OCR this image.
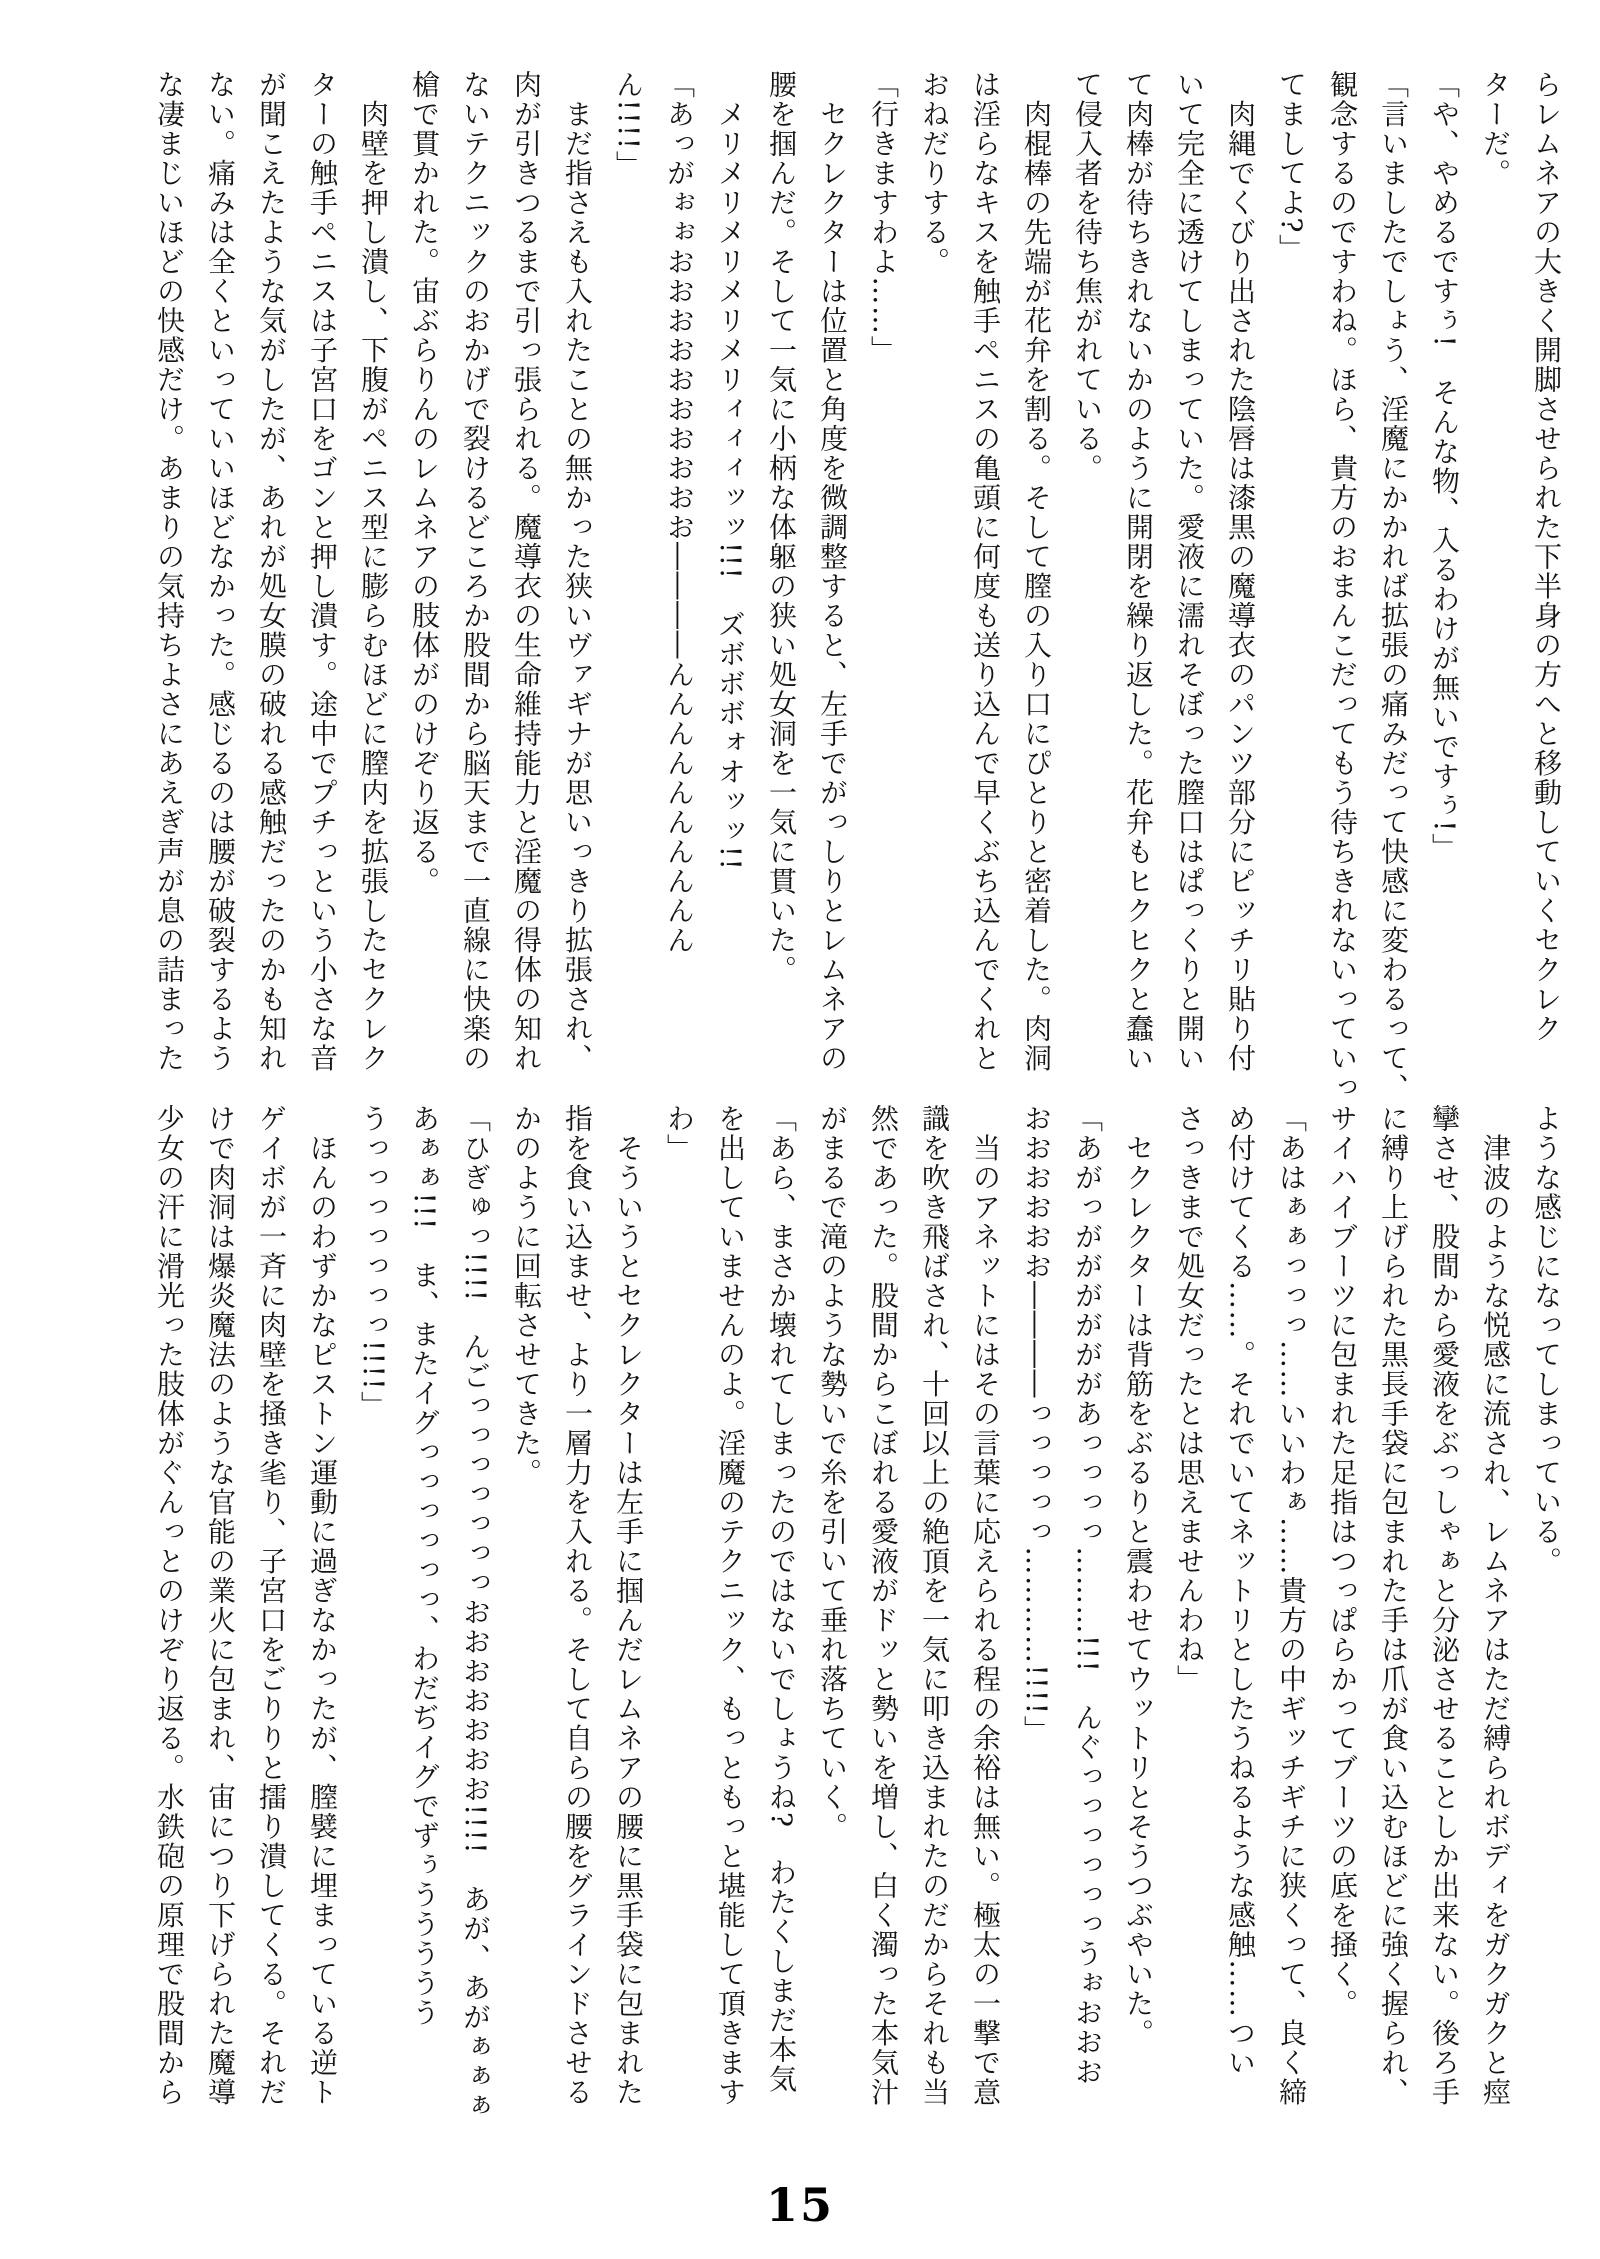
らレムネアの大きく開脚させられた下半身の方へと移動していくセクレク
ターだ。
「や、やめるですぅ!　そんな物、入るわけが無いですぅ!」
「言いましたでしょう、淫魔にかかれば拡張の痛みだって快感に変わるって、
観念するのですわね。ほら、貴方のおまんこだってもう待ちきれないっていっ
てましてよ?」
　肉縄でくびり出された陰唇は漆黒の魔導衣のパンツ部分にピッチリ貼り付
いて完全に透けてしまっていた。愛液に濡れそぼった膣口はぱっくりと開い
て肉棒が待ちきれないかのように開閉を繰り返した。花弁もヒクヒクと蠢い
て侵入者を待ち焦がれている。
　肉棍棒の先端が花弁を割る。そして膣の入り口にぴとりと密着した。肉洞
は淫らなキスを触手ペニスの亀頭に何度も送り込んで早くぶち込んでくれと
おねだりする。
「行きますわよ……」
　セクレクターは位置と角度を微調整すると、左手でがっしりとレムネアの
腰を掴んだ。そして一気に小柄な体躯の狭い処女洞を一気に貫いた。
　メリメリメリメリメリィィィッッ!!!　ズボボボォオッッ!!
「あっがぉぉおおおおおおおおおお――――んんんんんんんんんん
ん!!!!」
　まだ指さえも入れたことの無かった狭いヴァギナが思いっきり拡張され、
肉が引きつるまで引っ張られる。魔導衣の生命維持能力と淫魔の得体の知れ
ないテクニックのおかげで裂けるどころか股間から脳天まで一直線に快楽の
槍で貫かれた。宙ぶらりんのレムネアの肢体がのけぞり返る。
　肉壁を押し潰し、下腹がペニス型に膨らむほどに膣内を拡張したセクレク
ターの触手ペニスは子宮口をゴンと押し潰す。途中でプチっという小さな音
が聞こえたような気がしたが、あれが処女膜の破れる感触だったのかも知れ
ない。痛みは全くといっていいほどなかった。感じるのは腰が破裂するよう
な凄まじいほどの快感だけ。あまりの気持ちよさにあえぎ声が息の詰まった
ような感じになってしまっている。
　津波のような悦感に流され、レムネアはただ縛られボディをガクガクと痙
攣させ、股間から愛液をぶっしゃぁと分泌させることしか出来ない。後ろ手
に縛り上げられた黒長手袋に包まれた手は爪が食い込むほどに強く握られ、
サイハイブーツに包まれた足指はつっぱらかってブーツの底を掻く。
「あはぁぁっっっ……いいわぁ……貴方の中ギッチギチに狭くって、良く締
め付けてくる……。それでいてネットリとしたうねるような感触……つい
さっきまで処女だったとは思えませんわね」
　セクレクターは背筋をぶるりと震わせてウットリとそうつぶやいた。
「あがっががががががあっっっっ………!!!　んぐっっっっっっうぉおおお
おおおおおお――――っっっっっ…………!!!!」
　当のアネットにはその言葉に応えられる程の余裕は無い。極太の一撃で意
識を吹き飛ばされ、十回以上の絶頂を一気に叩き込まれたのだからそれも当
然であった。股間からこぼれる愛液がドッと勢いを増し、白く濁った本気汁
がまるで滝のような勢いで糸を引いて垂れ落ちていく。
「あら、まさか壊れてしまったのではないでしょうね?　わたくしまだ本気
を出していませんのよ。淫魔のテクニック、もっともっと堪能して頂きます
わ」
　そういうとセクレクターは左手に掴んだレムネアの腰に黒手袋に包まれた
指を食い込ませ、より一層力を入れる。そして自らの腰をグラインドさせる
かのように回転させてきた。
「ひぎゅっ!!!!　んごっっっっっっっおおおおおおお!!!!　あが、あがぁぁぁ
あぁぁ!!!　ま、またイグっっっっっっ、わだぢイグでずぅううううう
うっっっっっっっ!!!!」
　ほんのわずかなピストン運動に過ぎなかったが、膣襞に埋まっている逆ト
ゲイボが一斉に肉壁を掻き毟り、子宮口をごりりと擂り潰してくる。それだ
けで肉洞は爆炎魔法のような官能の業火に包まれ、宙につり下げられた魔導
少女の汗に滑光った肢体がぐんっとのけぞり返る。水鉄砲の原理で股間から
15
